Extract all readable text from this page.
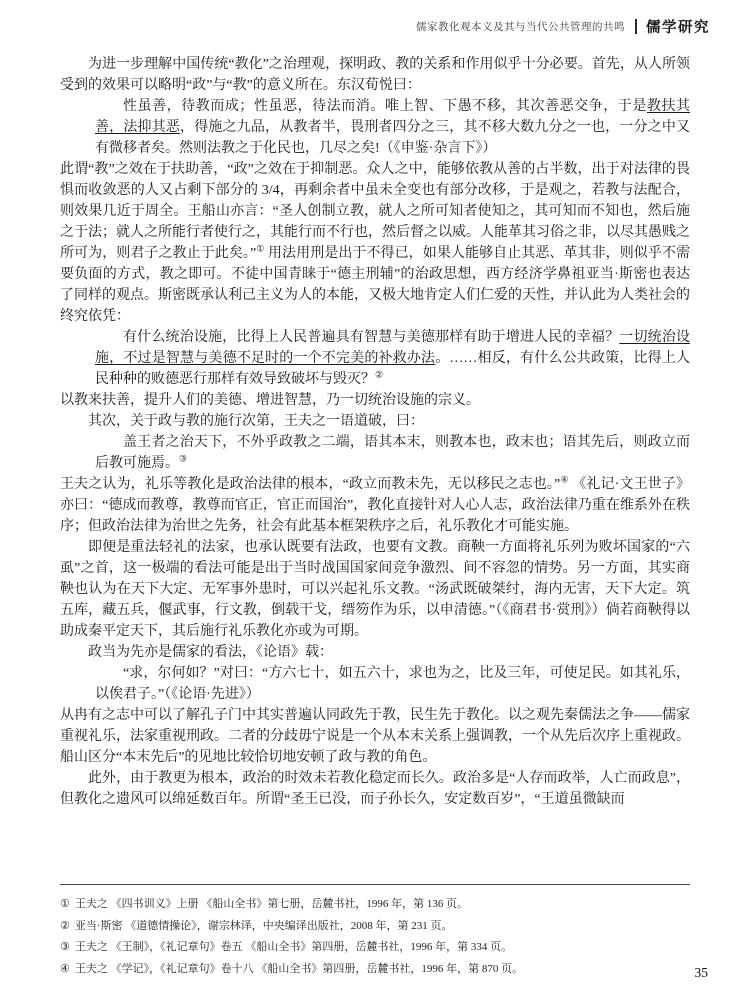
儒家教化观本义及其与当代公共管理的共鸣 儒学研究

为进一步理解中国传统“教化”之治理观，探明政、教的关系和作用似乎十分必要。首先，从人所领受到的效果可以略明“政”与“教”的意义所在。东汉荀悦曰：

性虽善，待教而成；性虽恶，待法而消。唯上智、下愚不移，其次善恶交争，于是教扶其善，法抑其恶，得施之九品，从教者半，畏刑者四分之三，其不移大数九分之一也，一分之中又有微移者矣。然则法教之于化民也，几尽之矣!（《申鉴·杂言下》）

此谓“教”之效在于扶助善，“政”之效在于抑制恶。众人之中，能够依教从善的占半数，出于对法律的畏惧而收敛恶的人又占剩下部分的 3/4，再剩余者中虽未全变也有部分改移，于是观之，若教与法配合，则效果几近于周全。王船山亦言：“圣人创制立教，就人之所可知者使知之，其可知而不知也，然后施之于法；就人之所能行者使行之，其能行而不行也，然后督之以威。人能革其习俗之非，以尽其愚贱之所可为，则君子之教止于此矣。”① 用法用刑是出于不得已，如果人能够自止其恶、革其非，则似乎不需要负面的方式，教之即可。不徒中国青睐于“德主刑辅”的治政思想，西方经济学鼻祖亚当·斯密也表达了同样的观点。斯密既承认利己主义为人的本能，又极大地肯定人们仁爱的天性，并认此为人类社会的终究依凭：

有什么统治设施，比得上人民普遍具有智慧与美德那样有助于增进人民的幸福？一切统治设施，不过是智慧与美德不足时的一个不完美的补救办法。……相反，有什么公共政策，比得上人民种种的败德恶行那样有效导致破坏与毁灭？②

以教来扶善，提升人们的美德、增进智慧，乃一切统治设施的宗义。

其次，关于政与教的施行次第，王夫之一语道破，曰：

盖王者之治天下，不外乎政教之二端，语其本末，则教本也，政末也；语其先后，则政立而后教可施焉。③

王夫之认为，礼乐等教化是政治法律的根本，“政立而教未先，无以移民之志也。”④ 《礼记·文王世子》亦曰：“德成而教尊，教尊而官正，官正而国治”，教化直接针对人心人志，政治法律乃重在维系外在秩序；但政治法律为治世之先务，社会有此基本框架秩序之后，礼乐教化才可能实施。

即便是重法轻礼的法家，也承认既要有法政，也要有文教。商鞅一方面将礼乐列为败坏国家的“六虱”之首，这一极端的看法可能是出于当时战国国家间竞争激烈、间不容忽的情势。另一方面，其实商鞅也认为在天下大定、无军事外患时，可以兴起礼乐文教。“汤武既破桀纣，海内无害，天下大定。筑五库，藏五兵，偃武事，行文教，倒载干戈，缙笏作为乐，以申清德。”（《商君书·赏刑》）倘若商鞅得以助成秦平定天下，其后施行礼乐教化亦或为可期。

政当为先亦是儒家的看法，《论语》载：

“求，尔何如？”对曰：“方六七十，如五六十，求也为之，比及三年，可使足民。如其礼乐，以俟君子。”（《论语·先进》）

从冉有之志中可以了解孔子门中其实普遍认同政先于教，民生先于教化。以之观先秦儒法之争——儒家重视礼乐，法家重视刑政。二者的分歧毋宁说是一个从本末关系上强调教，一个从先后次序上重视政。船山区分“本末先后”的见地比较恰切地安顿了政与教的角色。

此外，由于教更为根本，政治的时效未若教化稳定而长久。政治多是“人存而政举，人亡而政息”，但教化之遗风可以绵延数百年。所谓“圣王已没，而子孙长久，安定数百岁”，“王道虽微缺而

① 王夫之 《四书训义》上册 《船山全书》第七册，岳麓书社，1996 年，第 136 页。
② 亚当·斯密 《道德情操论》，谢宗林译，中央编译出版社，2008 年，第 231 页。
③ 王夫之 《王制》，《礼记章句》卷五 《船山全书》第四册，岳麓书社，1996 年，第 334 页。
④ 王夫之 《学记》，《礼记章句》卷十八 《船山全书》第四册，岳麓书社，1996 年，第 870 页。	35
